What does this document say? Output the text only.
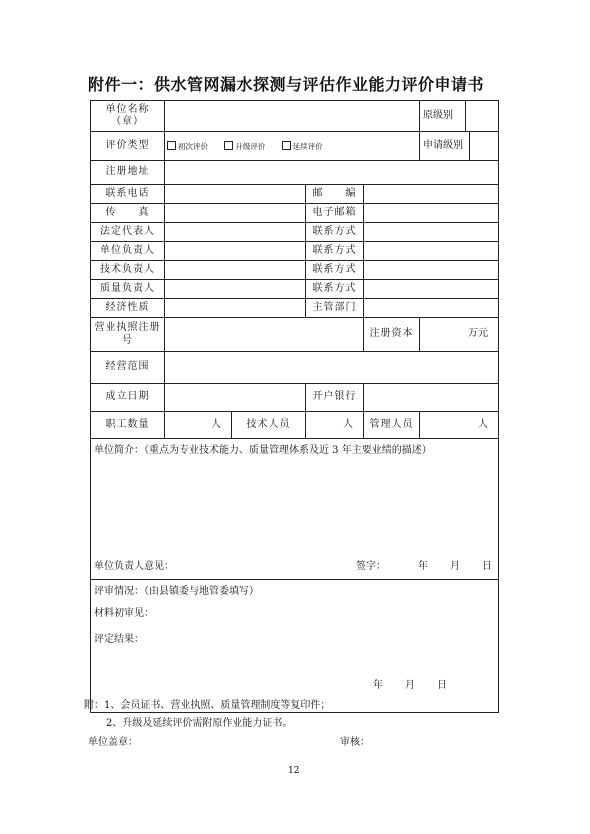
附件一：供水管网漏水探测与评估作业能力评价申请书
单位名称
（章）					原级别

评价类型	初次评价 升级评价 延续评价				申请级别

注册地址					
联系电话			邮　　编		
传　　真			电子邮箱		
法定代表人			联系方式		
单位负责人			联系方式		
技术负责人			联系方式		
质量负责人			联系方式		
经济性质			主管部门		
营业执照注册号				注册资本	万元
经营范围					
成立日期			开户银行		
职工数量	人	技术人员	人	管理人员	人

单位简介：（重点为专业技术能力、质量管理体系及近 3 年主要业绩的描述）
单位负责人意见： 签字： 年 月 日					

评审情况：（由县镇委与地管委填写）
材料初审见：
评定结果：
年 月 日					
附：1、会员证书、营业执照、质量管理制度等复印件；
2、升级及延续评价需附原作业能力证书。
单位盖章：	审核：
12
